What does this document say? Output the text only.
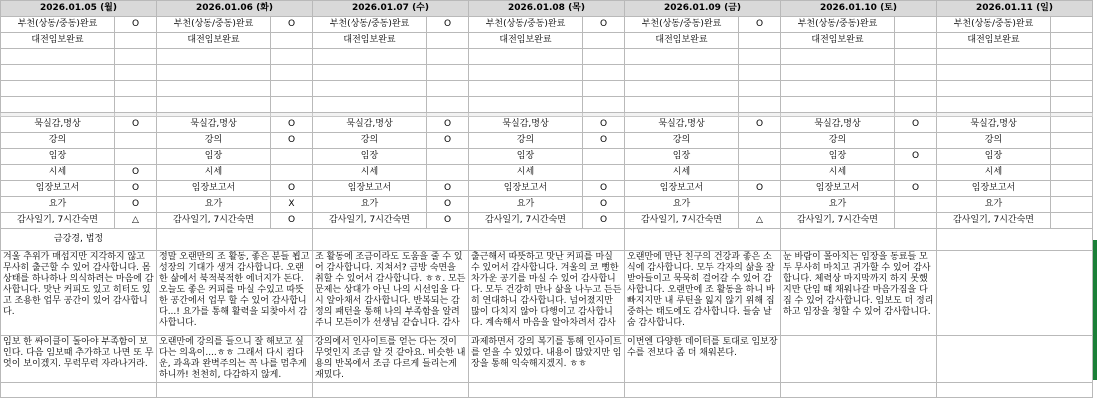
2026.01.05 (월)		2026.01.06 (화)		2026.01.07 (수)		2026.01.08 (목)		2026.01.09 (금)		2026.01.10 (토)		2026.01.11 (일)	
부천(상동/중동)완료	O	부천(상동/중동)완료	O	부천(상동/중동)완료	O	부천(상동/중동)완료	O	부천(상동/중동)완료	O	부천(상동/중동)완료		부천(상동/중동)완료	
대전임보완료		대전임보완료		대전임보완료		대전임보완료		대전임보완료		대전임보완료		대전임보완료	

묵실감,명상	O	묵실감,명상	O	묵실감,명상	O	묵실감,명상	O	묵실감,명상	O	묵실감,명상	O	묵실감,명상	
강의		강의	O	강의	O	강의	O	강의		강의		강의	
임장		임장		임장		임장		임장		임장	O	임장	
시세	O	시세		시세		시세		시세		시세		시세	
임장보고서	O	임장보고서	O	임장보고서	O	임장보고서	O	임장보고서	O	임장보고서	O	임장보고서	
요가	O	요가	X	요가	O	요가	O	요가		요가		요가	
감사일기, 7시간숙면	△	감사일기, 7시간숙면	O	감사일기, 7시간숙면	O	감사일기, 7시간숙면	O	감사일기, 7시간숙면	△	감사일기, 7시간숙면		감사일기, 7시간숙면	
금강경, 법정													
겨울 추위가 매섭지만 지각하지 않고 무사히 출근할 수 있어 감사합니다. 몸 상태를 하나하나 의식하려는 마음에 감사합니다. 맛난 커피도 있고 히터도 있고 조용한 업무 공간이 있어 감사합니다.		정말 오랜만의 조 활동, 좋은 분들 뵙고 성장의 기대가 생겨 감사합니다. 오랜 한 삶에서 북적북적한 에너지가 돈다. 오늘도 좋은 커피를 마실 수있고 따뜻한 공간에서 업무 할 수 있어 감사합니다...! 요가를 통해 활력을 되찾아서 감사합니다.		조 활동에 조금이라도 도움을 줄 수 있어 감사합니다. 지쳐서? 금방 숙면을 취할 수 있어서 감사합니다. ㅎㅎ. 모든 문제는 상대가 아닌 나의 시선임을 다시 알아채서 감사합니다. 반복되는 감정의 패턴을 통해 나의 부족함을 알려주니 모든이가 선생님 같습니다. 감사		출근해서 따뜻하고 맛난 커피를 마실 수 있어서 감사합니다. 겨울의 코 뻥한 차가운 공기를 마실 수 있어 감사합니다. 모두 건강히 만나 삶을 나누고 든든히 연대하니 감사합니다. 넘어졌지만 많이 다치지 않아 다행이고 감사합니다. 계속해서 마음을 알아차려서 감사		오랜만에 만난 친구의 건강과 좋은 소식에 감사합니다. 모두 각자의 삶을 잘 받아들이고 묵묵히 걸어갈 수 있어 감사합니다. 오랜만에 조 활동을 하니 바빠지지만 내 루틴을 잃지 않기 위해 집중하는 태도에도 감사합니다. 들숨 날숨 감사합니다.		눈 바람이 몰아치는 임장을 동료들 모두 무사히 마치고 귀가할 수 있어 감사합니다. 체력상 마지막까지 하지 못했지만 단임 때 채워나갈 마음가짐을 다짐 수 있어 감사합니다. 임보도 더 정리하고 임장을 청할 수 있어 감사합니다.			
임보 한 싸이클이 돌아야 부족함이 보인다. 다음 임보때 추가하고 나면 또 무엇이 보이겠지. 무럭무럭 자라나거라.		오랜만에 강의를 들으니 잘 해보고 싶다는 의욕이....ㅎㅎ 그래서 다시 컴다운, 과욕과 완벽주의는 꼭 나를 멈추게 하니까! 천천히, 다감하지 않게.		강의에서 인사이트를 얻는 다는 것이 무엇인지 조금 알 것 같아요. 비슷한 내용의 반복에서 조금 다르게 들리는게 재밌다.		과제하면서 강의 복기를 통해 인사이트를 얻을 수 있었다. 내용이 많았지만 임장을 통해 익숙해지겠지. ㅎㅎ		이번엔 다양한 데이터를 토대로 임보장수를 전보다 좀 더 채워본다.					
